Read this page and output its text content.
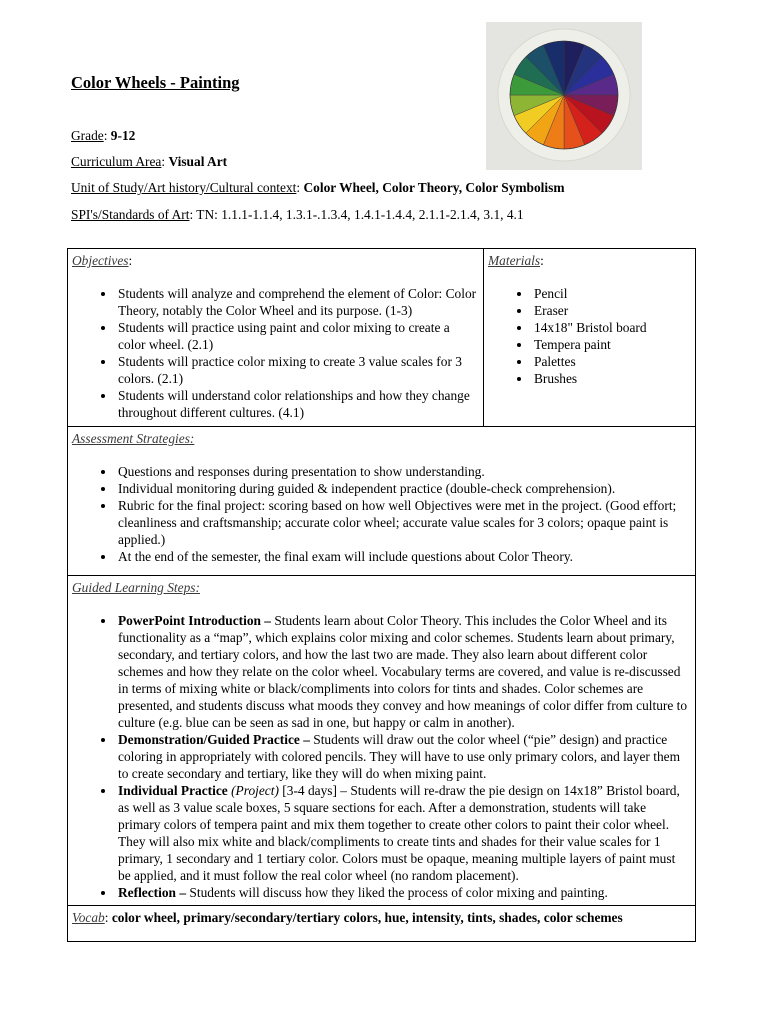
Color Wheels - Painting
Grade: 9-12
Curriculum Area: Visual Art
Unit of Study/Art history/Cultural context: Color Wheel, Color Theory, Color Symbolism
SPI's/Standards of Art: TN: 1.1.1-1.1.4, 1.3.1-.1.3.4, 1.4.1-1.4.4, 2.1.1-2.1.4, 3.1, 4.1
Objectives:
• Students will analyze and comprehend the element of Color: Color Theory, notably the Color Wheel and its purpose. (1-3)
• Students will practice using paint and color mixing to create a color wheel. (2.1)
• Students will practice color mixing to create 3 value scales for 3 colors. (2.1)
• Students will understand color relationships and how they change throughout different cultures. (4.1)
	Materials:
• Pencil
• Eraser
• 14x18" Bristol board
• Tempera paint
• Palettes
• Brushes

Assessment Strategies:
• Questions and responses during presentation to show understanding.
• Individual monitoring during guided & independent practice (double-check comprehension).
• Rubric for the final project: scoring based on how well Objectives were met in the project. (Good effort; cleanliness and craftsmanship; accurate color wheel; accurate value scales for 3 colors; opaque paint is applied.)
• At the end of the semester, the final exam will include questions about Color Theory.

Guided Learning Steps:
• PowerPoint Introduction – Students learn about Color Theory. This includes the Color Wheel and its functionality as a “map”, which explains color mixing and color schemes. Students learn about primary, secondary, and tertiary colors, and how the last two are made. They also learn about different color schemes and how they relate on the color wheel. Vocabulary terms are covered, and value is re-discussed in terms of mixing white or black/compliments into colors for tints and shades. Color schemes are presented, and students discuss what moods they convey and how meanings of color differ from culture to culture (e.g. blue can be seen as sad in one, but happy or calm in another).
• Demonstration/Guided Practice – Students will draw out the color wheel (“pie” design) and practice coloring in appropriately with colored pencils. They will have to use only primary colors, and layer them to create secondary and tertiary, like they will do when mixing paint.
• Individual Practice (Project) [3-4 days] – Students will re-draw the pie design on 14x18” Bristol board, as well as 3 value scale boxes, 5 square sections for each. After a demonstration, students will take primary colors of tempera paint and mix them together to create other colors to paint their color wheel. They will also mix white and black/compliments to create tints and shades for their value scales for 1 primary, 1 secondary and 1 tertiary color. Colors must be opaque, meaning multiple layers of paint must be applied, and it must follow the real color wheel (no random placement).
• Reflection – Students will discuss how they liked the process of color mixing and painting.

Vocab: color wheel, primary/secondary/tertiary colors, hue, intensity, tints, shades, color schemes
